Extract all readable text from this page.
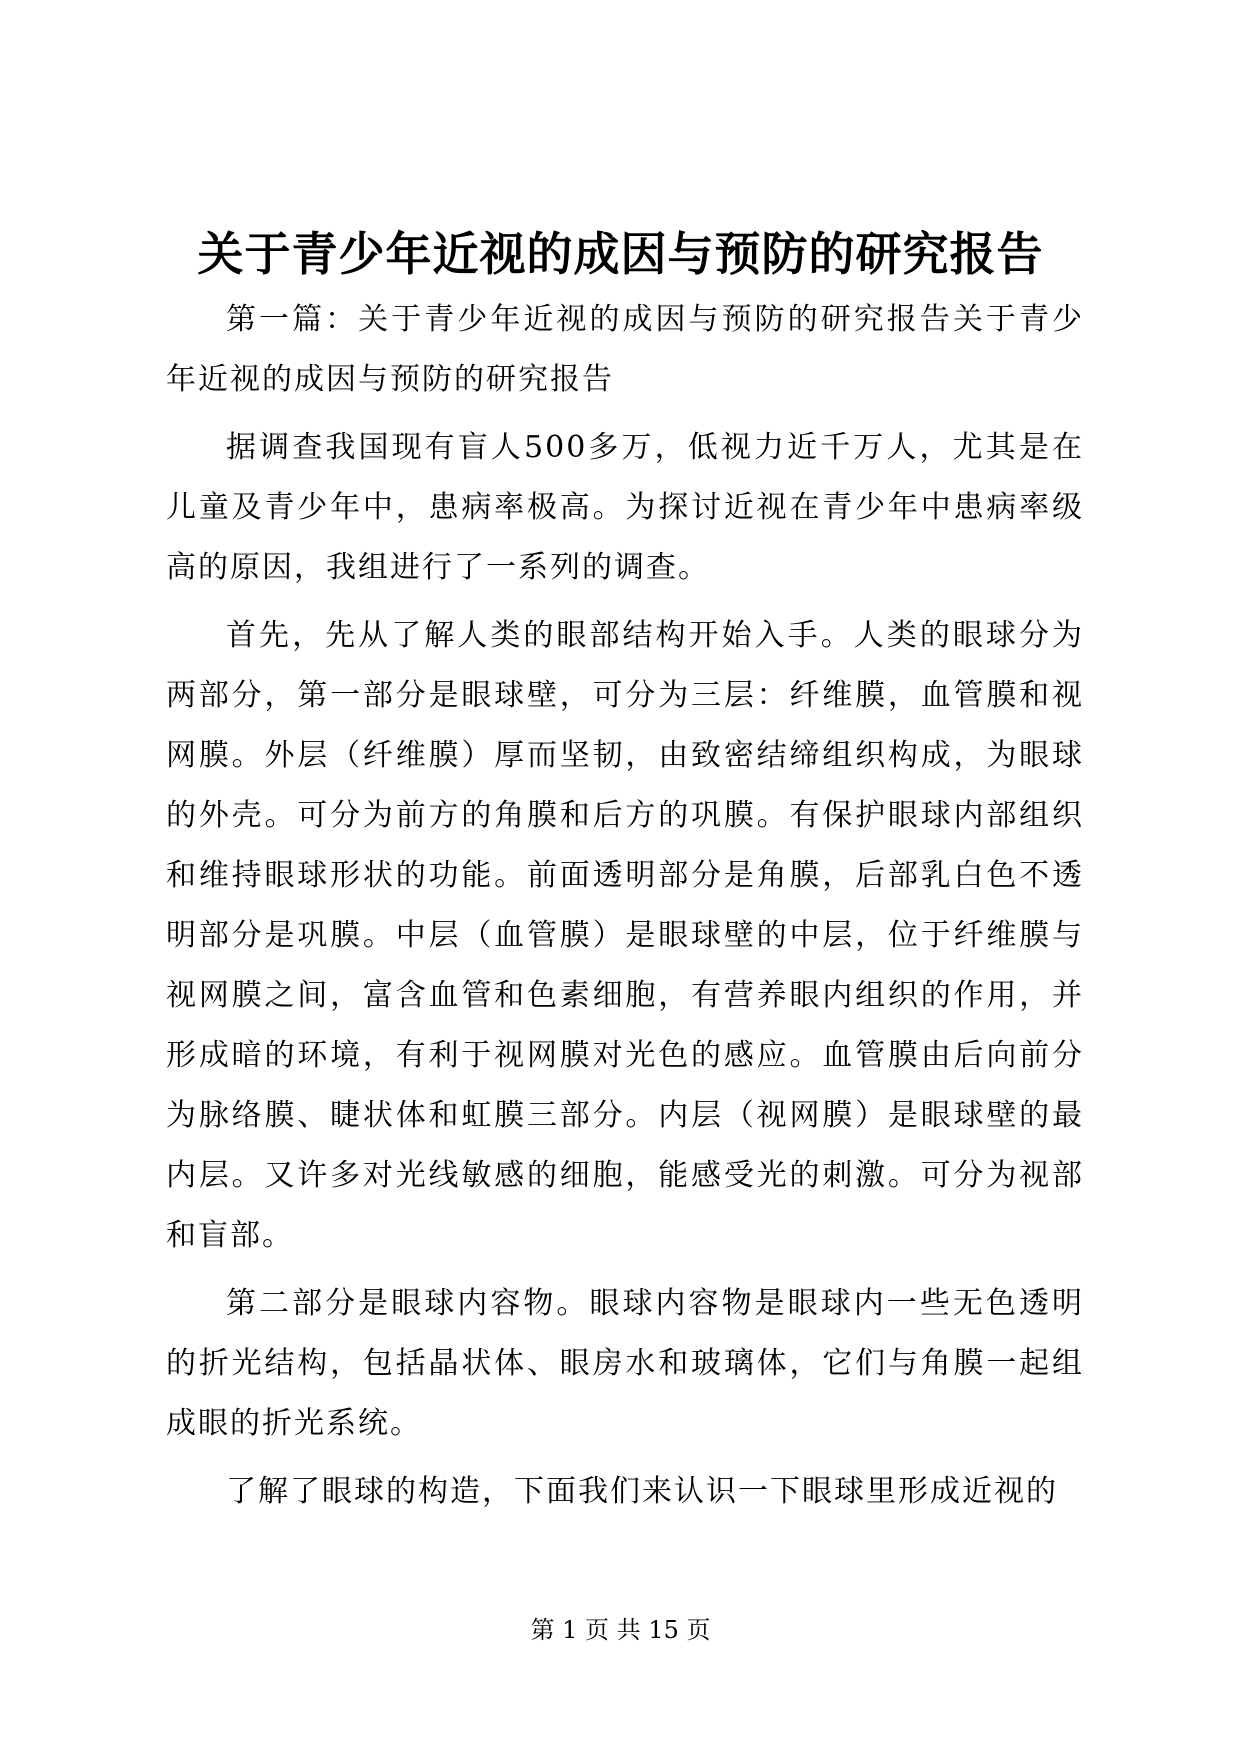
关于青少年近视的成因与预防的研究报告

第一篇：关于青少年近视的成因与预防的研究报告关于青少年近视的成因与预防的研究报告

据调查我国现有盲人500多万，低视力近千万人，尤其是在儿童及青少年中，患病率极高。为探讨近视在青少年中患病率级高的原因，我组进行了一系列的调查。

首先，先从了解人类的眼部结构开始入手。人类的眼球分为两部分，第一部分是眼球壁，可分为三层：纤维膜，血管膜和视网膜。外层（纤维膜）厚而坚韧，由致密结缔组织构成，为眼球的外壳。可分为前方的角膜和后方的巩膜。有保护眼球内部组织和维持眼球形状的功能。前面透明部分是角膜，后部乳白色不透明部分是巩膜。中层（血管膜）是眼球壁的中层，位于纤维膜与视网膜之间，富含血管和色素细胞，有营养眼内组织的作用，并形成暗的环境，有利于视网膜对光色的感应。血管膜由后向前分为脉络膜、睫状体和虹膜三部分。内层（视网膜）是眼球壁的最内层。又许多对光线敏感的细胞，能感受光的刺激。可分为视部和盲部。

第二部分是眼球内容物。眼球内容物是眼球内一些无色透明的折光结构，包括晶状体、眼房水和玻璃体，它们与角膜一起组成眼的折光系统。

了解了眼球的构造，下面我们来认识一下眼球里形成近视的

第 1 页 共 15 页
